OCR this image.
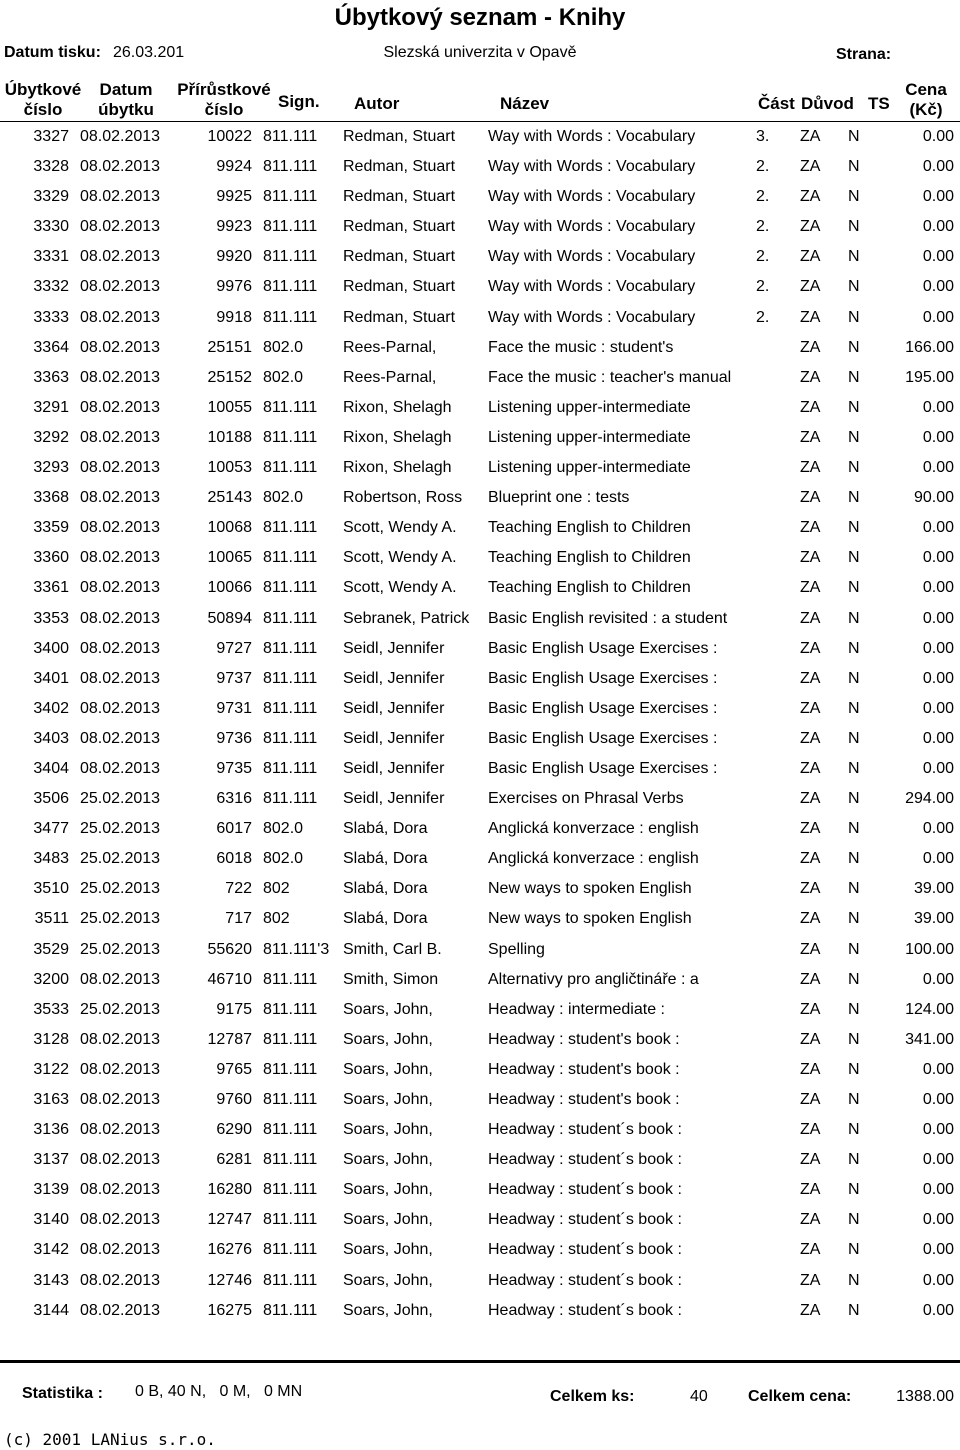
Úbytkový seznam - Knihy
Datum tisku: 26.03.201	Slezská univerzita v Opavě	Strana:
Úbytkové
číslo
Datum
úbytku
Přírůstkové
číslo	Sign. Autor	Název	Část Důvod TS
Cena
(Kč)
3327 08.02.2013	10022 811.111	Redman, Stuart	Way with Words : Vocabulary	3. ZA N	0.00
3328 08.02.2013	9924 811.111	Redman, Stuart	Way with Words : Vocabulary	2. ZA N	0.00
3329 08.02.2013	9925 811.111	Redman, Stuart	Way with Words : Vocabulary	2. ZA N	0.00
3330 08.02.2013	9923 811.111	Redman, Stuart	Way with Words : Vocabulary	2. ZA N	0.00
3331 08.02.2013	9920 811.111	Redman, Stuart	Way with Words : Vocabulary	2. ZA N	0.00
3332 08.02.2013	9976 811.111	Redman, Stuart	Way with Words : Vocabulary	2. ZA N	0.00
3333 08.02.2013	9918 811.111	Redman, Stuart	Way with Words : Vocabulary	2. ZA N	0.00
3364 08.02.2013	25151 802.0	Rees-Parnal,	Face the music : student's	ZA N	166.00
3363 08.02.2013	25152 802.0	Rees-Parnal,	Face the music : teacher's manual	ZA N	195.00
3291 08.02.2013	10055 811.111	Rixon, Shelagh	Listening upper-intermediate	ZA N	0.00
3292 08.02.2013	10188 811.111	Rixon, Shelagh	Listening upper-intermediate	ZA N	0.00
3293 08.02.2013	10053 811.111	Rixon, Shelagh	Listening upper-intermediate	ZA N	0.00
3368 08.02.2013	25143 802.0	Robertson, Ross	Blueprint one : tests	ZA N	90.00
3359 08.02.2013	10068 811.111	Scott, Wendy A.	Teaching English to Children	ZA N	0.00
3360 08.02.2013	10065 811.111	Scott, Wendy A.	Teaching English to Children	ZA N	0.00
3361 08.02.2013	10066 811.111	Scott, Wendy A.	Teaching English to Children	ZA N	0.00
3353 08.02.2013	50894 811.111	Sebranek, Patrick	Basic English revisited : a student	ZA N	0.00
3400 08.02.2013	9727 811.111	Seidl, Jennifer	Basic English Usage Exercises :	ZA N	0.00
3401 08.02.2013	9737 811.111	Seidl, Jennifer	Basic English Usage Exercises :	ZA N	0.00
3402 08.02.2013	9731 811.111	Seidl, Jennifer	Basic English Usage Exercises :	ZA N	0.00
3403 08.02.2013	9736 811.111	Seidl, Jennifer	Basic English Usage Exercises :	ZA N	0.00
3404 08.02.2013	9735 811.111	Seidl, Jennifer	Basic English Usage Exercises :	ZA N	0.00
3506 25.02.2013	6316 811.111	Seidl, Jennifer	Exercises on Phrasal Verbs	ZA N	294.00
3477 25.02.2013	6017 802.0	Slabá, Dora	Anglická konverzace : english	ZA N	0.00
3483 25.02.2013	6018 802.0	Slabá, Dora	Anglická konverzace : english	ZA N	0.00
3510 25.02.2013	722 802	Slabá, Dora	New ways to spoken English	ZA N	39.00
3511 25.02.2013	717 802	Slabá, Dora	New ways to spoken English	ZA N	39.00
3529 25.02.2013	55620 811.111'3 Smith, Carl B.	Spelling	ZA N	100.00
3200 08.02.2013	46710 811.111	Smith, Simon	Alternativy pro angličtináře : a	ZA N	0.00
3533 25.02.2013	9175 811.111	Soars, John,	Headway : intermediate :	ZA N	124.00
3128 08.02.2013	12787 811.111	Soars, John,	Headway : student's book :	ZA N	341.00
3122 08.02.2013	9765 811.111	Soars, John,	Headway : student's book :	ZA N	0.00
3163 08.02.2013	9760 811.111	Soars, John,	Headway : student's book :	ZA N	0.00
3136 08.02.2013	6290 811.111	Soars, John,	Headway : student´s book :	ZA N	0.00
3137 08.02.2013	6281 811.111	Soars, John,	Headway : student´s book :	ZA N	0.00
3139 08.02.2013	16280 811.111	Soars, John,	Headway : student´s book :	ZA N	0.00
3140 08.02.2013	12747 811.111	Soars, John,	Headway : student´s book :	ZA N	0.00
3142 08.02.2013	16276 811.111	Soars, John,	Headway : student´s book :	ZA N	0.00
3143 08.02.2013	12746 811.111	Soars, John,	Headway : student´s book :	ZA N	0.00
3144 08.02.2013	16275 811.111	Soars, John,	Headway : student´s book :	ZA N	0.00
Statistika : 0 B, 40 N,   0 M,   0 MN	Celkem ks:	40	Celkem cena:	1388.00
(c) 2001 LANius s.r.o.
